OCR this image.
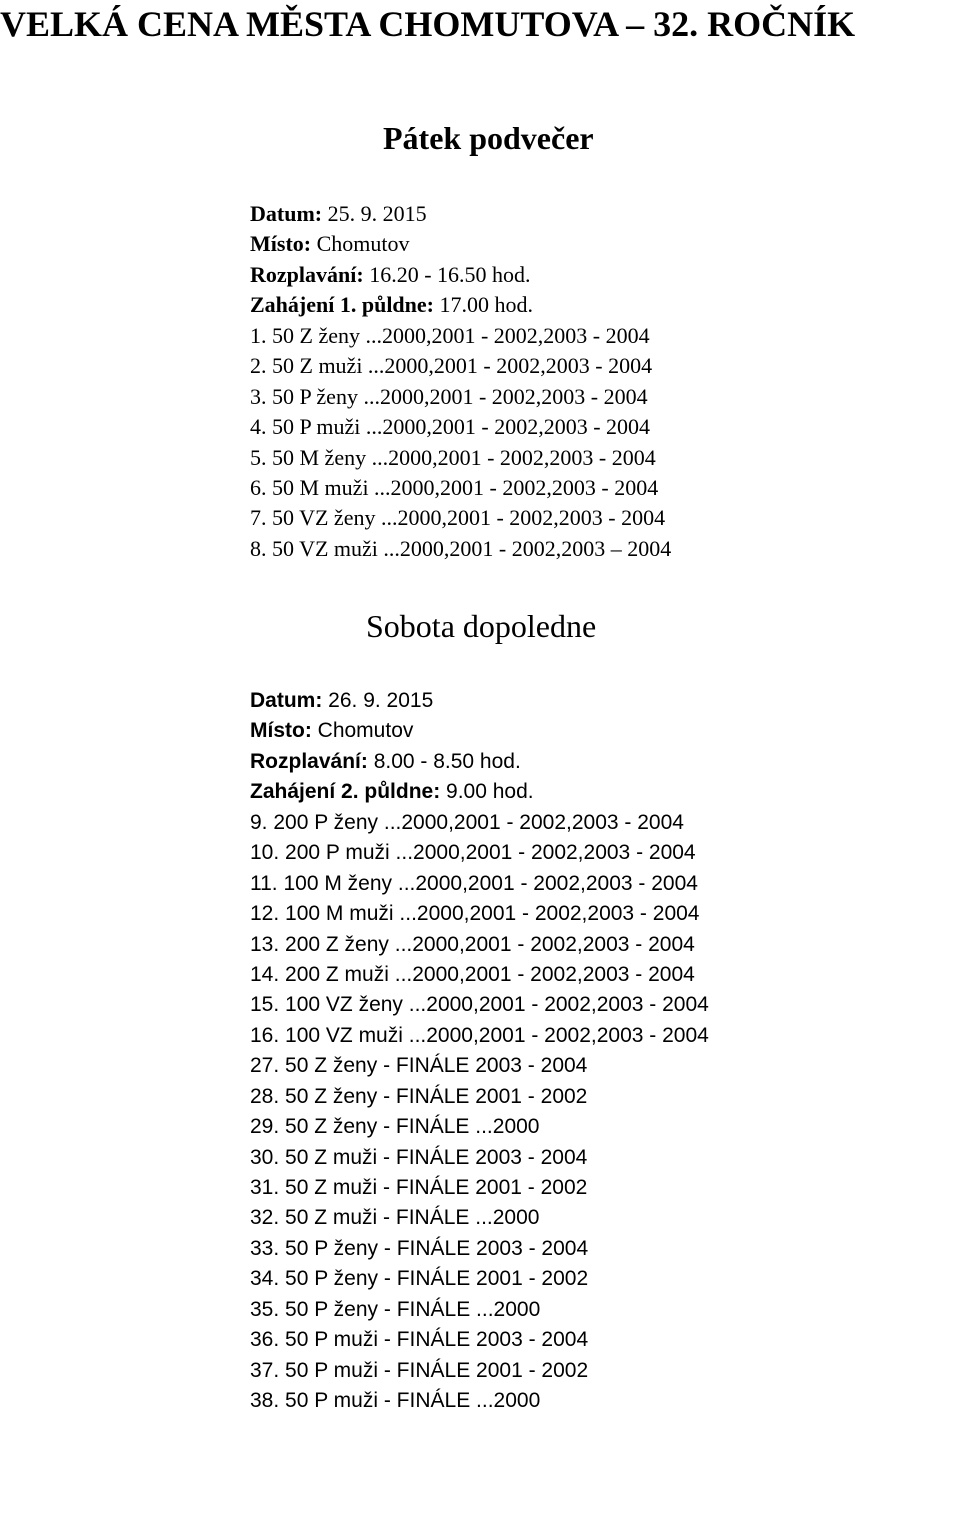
VELKÁ CENA MĚSTA CHOMUTOVA – 32. ROČNÍK
Pátek podvečer
Datum: 25. 9. 2015
Místo: Chomutov
Rozplavání: 16.20 - 16.50 hod.
Zahájení 1. půldne: 17.00 hod.
1. 50 Z ženy ...2000,2001 - 2002,2003 - 2004
2. 50 Z muži ...2000,2001 - 2002,2003 - 2004
3. 50 P ženy ...2000,2001 - 2002,2003 - 2004
4. 50 P muži ...2000,2001 - 2002,2003 - 2004
5. 50 M ženy ...2000,2001 - 2002,2003 - 2004
6. 50 M muži ...2000,2001 - 2002,2003 - 2004
7. 50 VZ ženy ...2000,2001 - 2002,2003 - 2004
8. 50 VZ muži ...2000,2001 - 2002,2003 – 2004
Sobota dopoledne
Datum: 26. 9. 2015
Místo: Chomutov
Rozplavání: 8.00 - 8.50 hod.
Zahájení 2. půldne: 9.00 hod.
9. 200 P ženy ...2000,2001 - 2002,2003 - 2004
10. 200 P muži ...2000,2001 - 2002,2003 - 2004
11. 100 M ženy ...2000,2001 - 2002,2003 - 2004
12. 100 M muži ...2000,2001 - 2002,2003 - 2004
13. 200 Z ženy ...2000,2001 - 2002,2003 - 2004
14. 200 Z muži ...2000,2001 - 2002,2003 - 2004
15. 100 VZ ženy ...2000,2001 - 2002,2003 - 2004
16. 100 VZ muži ...2000,2001 - 2002,2003 - 2004
27. 50 Z ženy - FINÁLE 2003 - 2004
28. 50 Z ženy - FINÁLE 2001 - 2002
29. 50 Z ženy - FINÁLE ...2000
30. 50 Z muži - FINÁLE 2003 - 2004
31. 50 Z muži - FINÁLE 2001 - 2002
32. 50 Z muži - FINÁLE ...2000
33. 50 P ženy - FINÁLE 2003 - 2004
34. 50 P ženy - FINÁLE 2001 - 2002
35. 50 P ženy - FINÁLE ...2000
36. 50 P muži - FINÁLE 2003 - 2004
37. 50 P muži - FINÁLE 2001 - 2002
38. 50 P muži - FINÁLE ...2000
